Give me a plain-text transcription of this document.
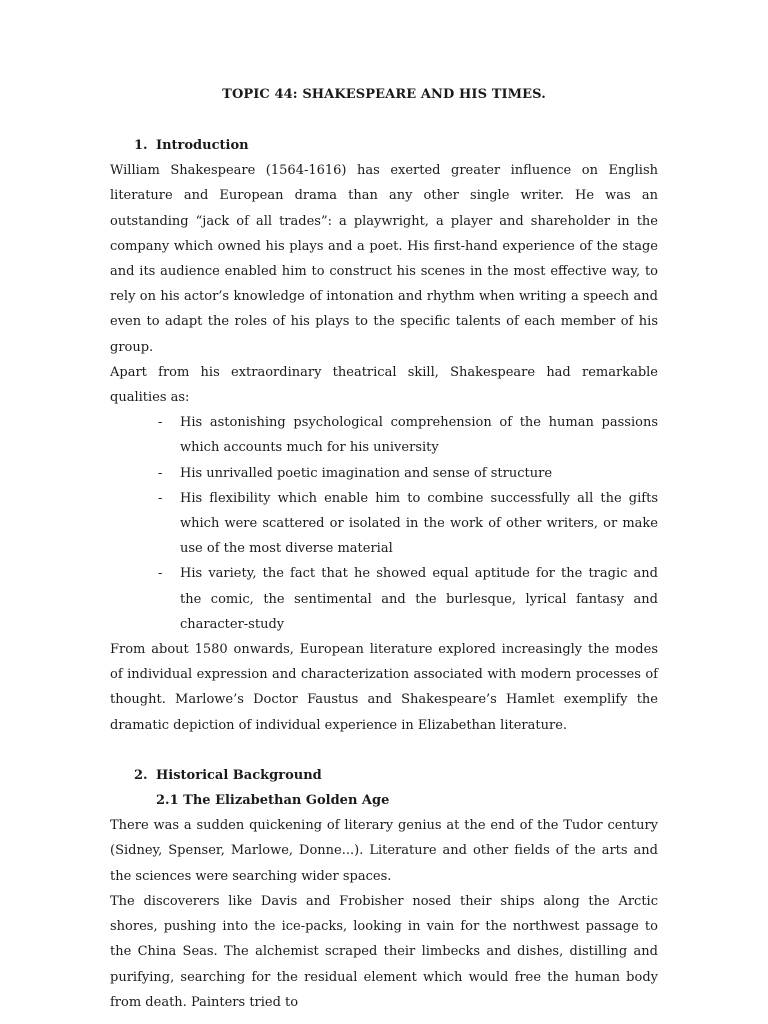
TOPIC 44: SHAKESPEARE AND HIS TIMES.
1. Introduction

William Shakespeare (1564-1616) has exerted greater influence on English literature and European drama than any other single writer. He was an outstanding “jack of all trades”: a playwright, a player and shareholder in the company which owned his plays and a poet. His first-hand experience of the stage and its audience enabled him to construct his scenes in the most effective way, to rely on his actor’s knowledge of intonation and rhythm when writing a speech and even to adapt the roles of his plays to the specific talents of each member of his group.

Apart from his extraordinary theatrical skill, Shakespeare had remarkable qualities as:

- His astonishing psychological comprehension of the human passions which accounts much for his university
- His unrivalled poetic imagination and sense of structure
- His flexibility which enable him to combine successfully all the gifts which were scattered or isolated in the work of other writers, or make use of the most diverse material
- His variety, the fact that he showed equal aptitude for the tragic and the comic, the sentimental and the burlesque, lyrical fantasy and character-study

From about 1580 onwards, European literature explored increasingly the modes of individual expression and characterization associated with modern processes of thought. Marlowe’s Doctor Faustus and Shakespeare’s Hamlet exemplify the dramatic depiction of individual experience in Elizabethan literature.

2. Historical Background
2.1 The Elizabethan Golden Age

There was a sudden quickening of literary genius at the end of the Tudor century (Sidney, Spenser, Marlowe, Donne...). Literature and other fields of the arts and the sciences were searching wider spaces.

The discoverers like Davis and Frobisher nosed their ships along the Arctic shores, pushing into the ice-packs, looking in vain for the northwest passage to the China Seas. The alchemist scraped their limbecks and dishes, distilling and purifying, searching for the residual element which would free the human body from death. Painters tried to
